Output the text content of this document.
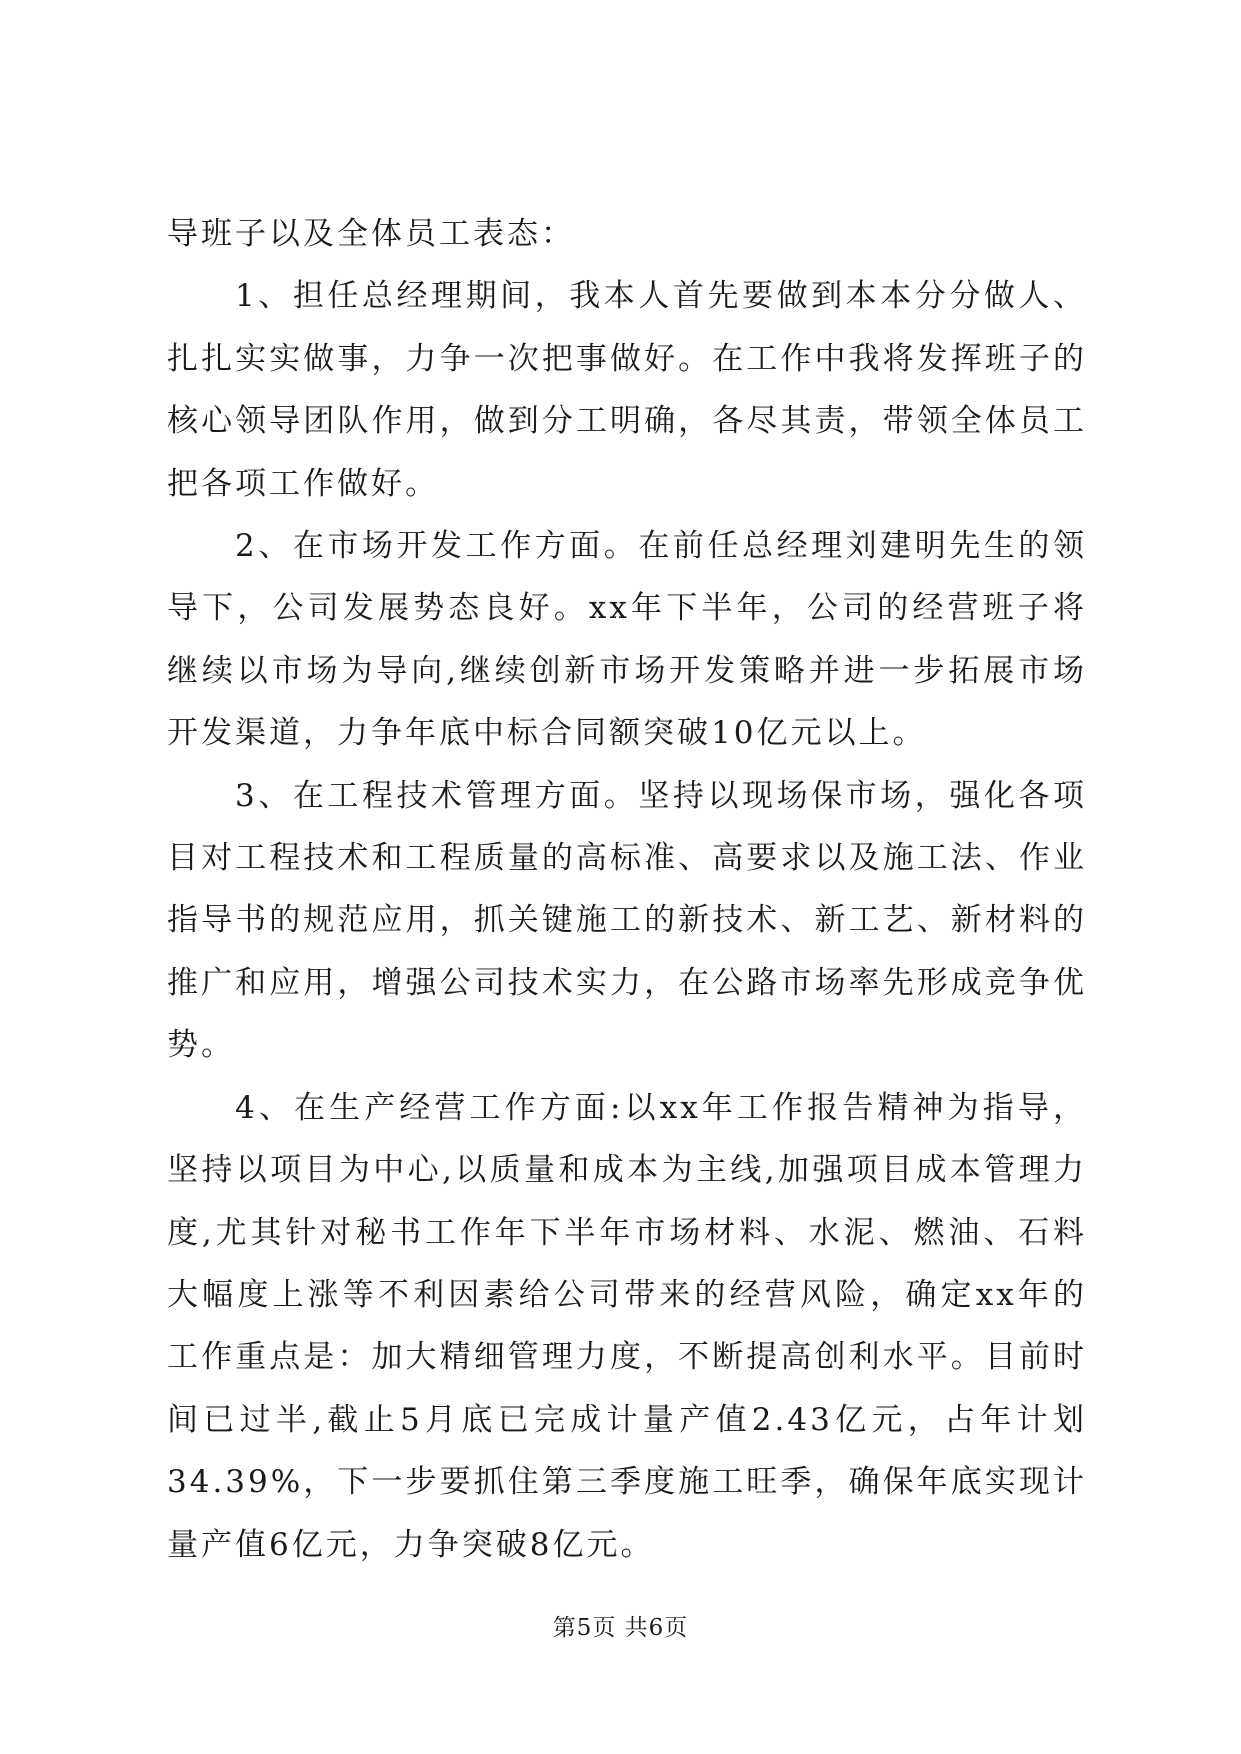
导班子以及全体员工表态：

1、担任总经理期间，我本人首先要做到本本分分做人、扎扎实实做事，力争一次把事做好。在工作中我将发挥班子的核心领导团队作用，做到分工明确，各尽其责，带领全体员工把各项工作做好。

2、在市场开发工作方面。在前任总经理刘建明先生的领导下，公司发展势态良好。xx年下半年，公司的经营班子将继续以市场为导向,继续创新市场开发策略并进一步拓展市场开发渠道，力争年底中标合同额突破10亿元以上。

3、在工程技术管理方面。坚持以现场保市场，强化各项目对工程技术和工程质量的高标准、高要求以及施工法、作业指导书的规范应用，抓关键施工的新技术、新工艺、新材料的推广和应用，增强公司技术实力，在公路市场率先形成竞争优势。

4、在生产经营工作方面:以xx年工作报告精神为指导，坚持以项目为中心,以质量和成本为主线,加强项目成本管理力度,尤其针对秘书工作年下半年市场材料、水泥、燃油、石料大幅度上涨等不利因素给公司带来的经营风险，确定xx年的工作重点是：加大精细管理力度，不断提高创利水平。目前时间已过半,截止5月底已完成计量产值2.43亿元，占年计划34.39%，下一步要抓住第三季度施工旺季，确保年底实现计量产值6亿元，力争突破8亿元。

第5页 共6页
